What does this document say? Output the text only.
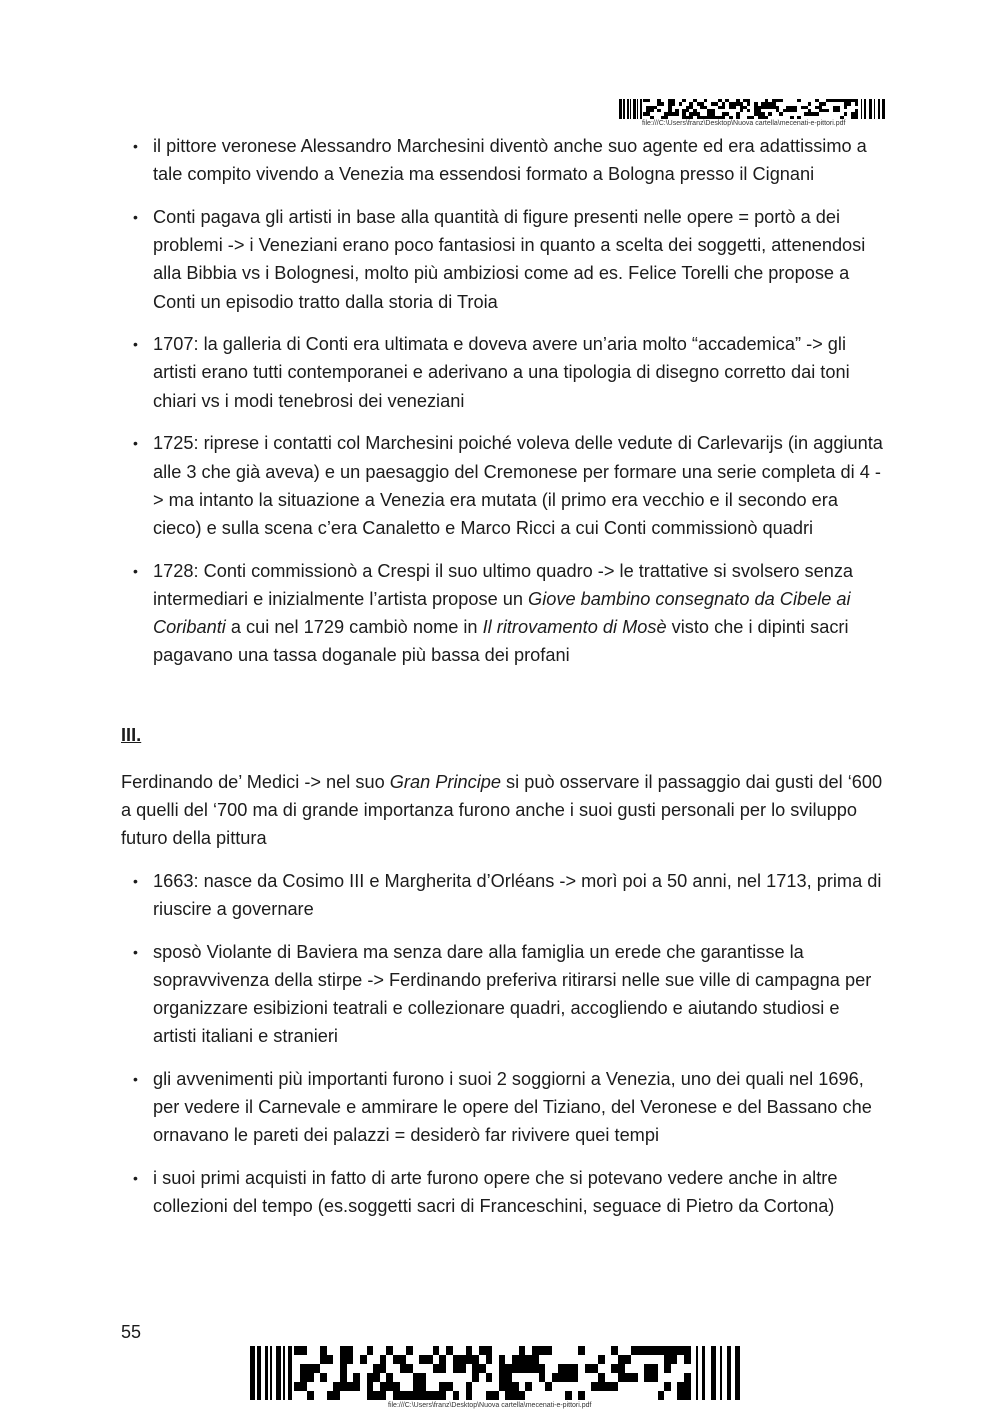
file:///C:\Users\franz\Desktop\Nuova cartella\mecenati-e-pittori.pdf
• il pittore veronese Alessandro Marchesini diventò anche suo agente ed era adattissimo a tale compito vivendo a Venezia ma essendosi formato a Bologna presso il Cignani
• Conti pagava gli artisti in base alla quantità di figure presenti nelle opere = portò a dei problemi -> i Veneziani erano poco fantasiosi in quanto a scelta dei soggetti, attenendosi alla Bibbia vs i Bolognesi, molto più ambiziosi come ad es. Felice Torelli che propose a Conti un episodio tratto dalla storia di Troia
• 1707: la galleria di Conti era ultimata e doveva avere un’aria molto “accademica” -> gli artisti erano tutti contemporanei e aderivano a una tipologia di disegno corretto dai toni chiari vs i modi tenebrosi dei veneziani
• 1725: riprese i contatti col Marchesini poiché voleva delle vedute di Carlevarijs (in aggiunta alle 3 che già aveva) e un paesaggio del Cremonese per formare una serie completa di 4 -> ma intanto la situazione a Venezia era mutata (il primo era vecchio e il secondo era cieco) e sulla scena c’era Canaletto e Marco Ricci a cui Conti commissionò quadri
• 1728: Conti commissionò a Crespi il suo ultimo quadro -> le trattative si svolsero senza intermediari e inizialmente l’artista propose un Giove bambino consegnato da Cibele ai Coribanti a cui nel 1729 cambiò nome in Il ritrovamento di Mosè visto che i dipinti sacri pagavano una tassa doganale più bassa dei profani
III.

Ferdinando de’ Medici -> nel suo Gran Principe si può osservare il passaggio dai gusti del ‘600 a quelli del ‘700 ma di grande importanza furono anche i suoi gusti personali per lo sviluppo futuro della pittura

• 1663: nasce da Cosimo III e Margherita d’Orléans -> morì poi a 50 anni, nel 1713, prima di riuscire a governare
• sposò Violante di Baviera ma senza dare alla famiglia un erede che garantisse la sopravvivenza della stirpe -> Ferdinando preferiva ritirarsi nelle sue ville di campagna per organizzare esibizioni teatrali e collezionare quadri, accogliendo e aiutando studiosi e artisti italiani e stranieri
• gli avvenimenti più importanti furono i suoi 2 soggiorni a Venezia, uno dei quali nel 1696, per vedere il Carnevale e ammirare le opere del Tiziano, del Veronese e del Bassano che ornavano le pareti dei palazzi = desiderò far rivivere quei tempi
• i suoi primi acquisti in fatto di arte furono opere che si potevano vedere anche in altre collezioni del tempo (es.soggetti sacri di Franceschini, seguace di Pietro da Cortona)
55
file:///C:\Users\franz\Desktop\Nuova cartella\mecenati-e-pittori.pdf
